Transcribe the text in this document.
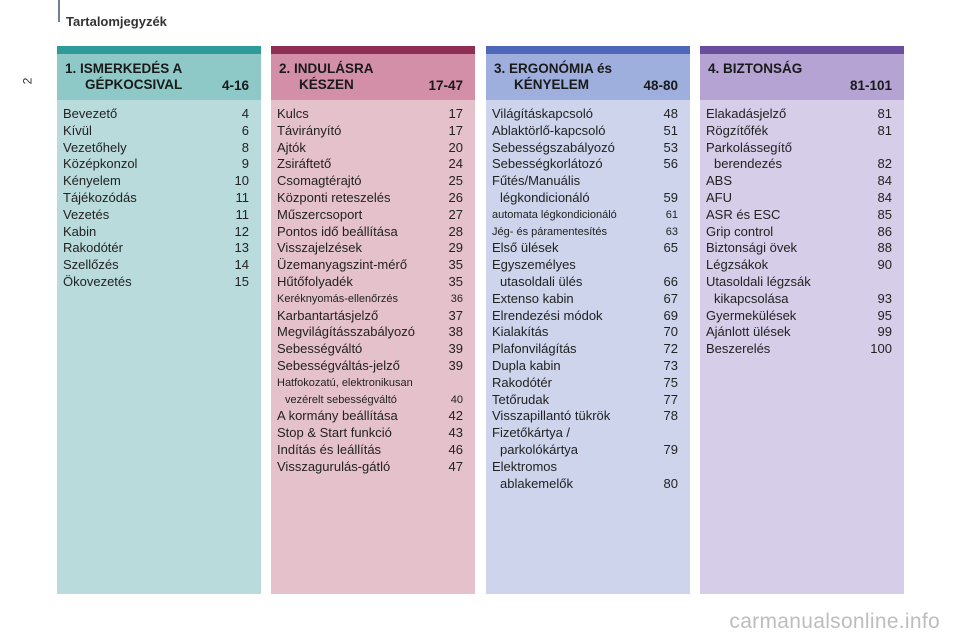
Tartalomjegyzék
2
1. ISMERKEDÉS A
GÉPKOCSIVAL	4-16
Bevezető	4
Kívül	6
Vezetőhely	8
Középkonzol	9
Kényelem	10
Tájékozódás	11
Vezetés	11
Kabin	12
Rakodótér	13
Szellőzés	14
Ökovezetés	15
2. INDULÁSRA
KÉSZEN	17-47
Kulcs	17
Távirányító	17
Ajtók	20
Zsiráftető	24
Csomagtérajtó	25
Központi reteszelés	26
Műszercsoport	27
Pontos idő beállítása	28
Visszajelzések	29
Üzemanyagszint-mérő	35
Hűtőfolyadék	35
Keréknyomás-ellenőrzés	36
Karbantartásjelző	37
Megvilágításszabályozó	38
Sebességváltó	39
Sebességváltás-jelző	39
Hatfokozatú, elektronikusan
vezérelt sebességváltó	40
A kormány beállítása	42
Stop & Start funkció	43
Indítás és leállítás	46
Visszagurulás-gátló	47
3. ERGONÓMIA és
KÉNYELEM	48-80
Világításkapcsoló	48
Ablaktörlő-kapcsoló	51
Sebességszabályozó	53
Sebességkorlátozó	56
Fűtés/Manuális
légkondicionáló	59
automata légkondicionáló	61
Jég- és páramentesítés	63
Első ülések	65
Egyszemélyes
utasoldali ülés	66
Extenso kabin	67
Elrendezési módok	69
Kialakítás	70
Plafonvilágítás	72
Dupla kabin	73
Rakodótér	75
Tetőrudak	77
Visszapillantó tükrök	78
Fizetőkártya /
parkolókártya	79
Elektromos
ablakemelők	80
4. BIZTONSÁG
81-101
Elakadásjelző	81
Rögzítőfék	81
Parkolássegítő
berendezés	82
ABS	84
AFU	84
ASR és ESC	85
Grip control	86
Biztonsági övek	88
Légzsákok	90
Utasoldali légzsák
kikapcsolása	93
Gyermekülések	95
Ajánlott ülések	99
Beszerelés	100
carmanualsonline.info
